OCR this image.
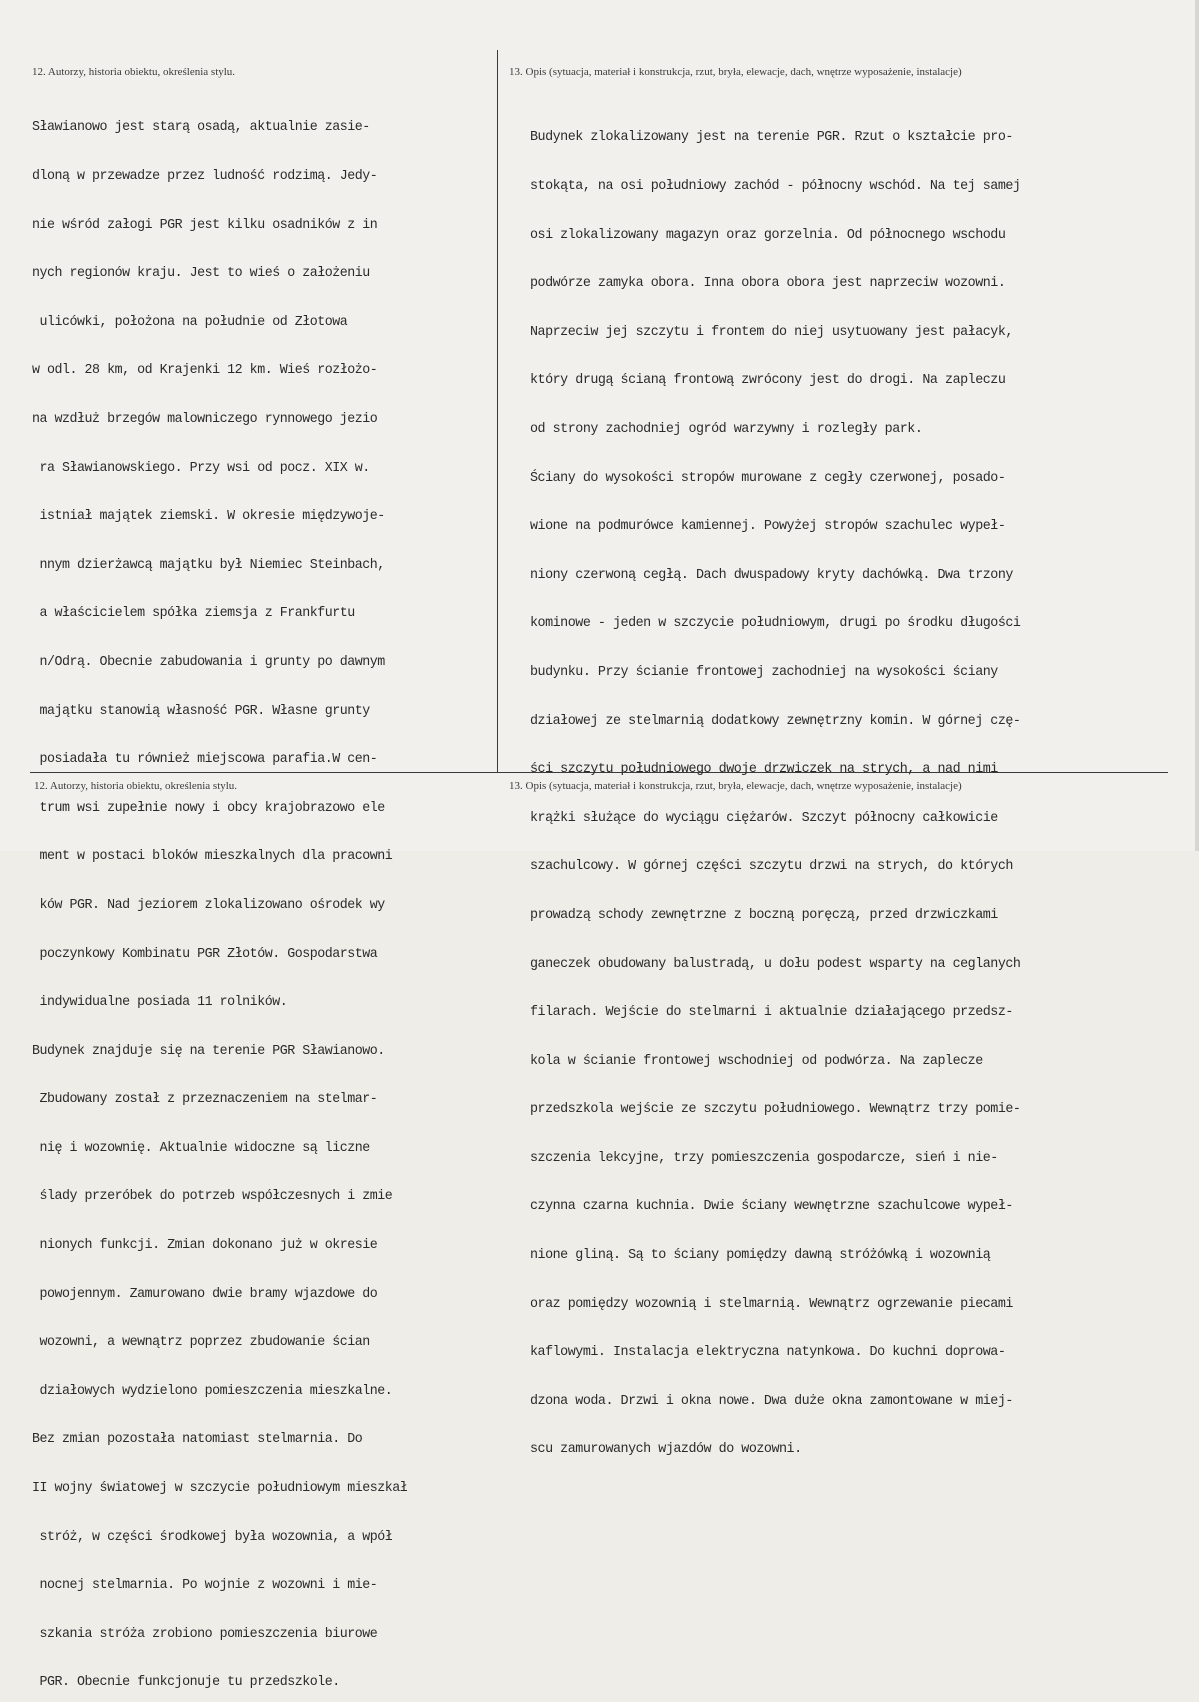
12. Autorzy, historia obiektu, określenia stylu.	13. Opis (sytuacja, materiał i konstrukcja, rzut, bryła, elewacje, dach, wnętrze wyposażenie, instalacje)

Sławianowo jest starą osadą, aktualnie zasie-

dloną w przewadze przez ludność rodzimą. Jedy-

nie wśród załogi PGR jest kilku osadników z in

nych regionów kraju. Jest to wieś o założeniu

ulicówki, położona na południe od Złotowa

w odl. 28 km, od Krajenki 12 km. Wieś rozłożo-

na wzdłuż brzegów malowniczego rynnowego jezio

ra Sławianowskiego. Przy wsi od pocz. XIX w.

istniał majątek ziemski. W okresie międzywoje-

nnym dzierżawcą majątku był Niemiec Steinbach,

a właścicielem spółka ziemsja z Frankfurtu

n/Odrą. Obecnie zabudowania i grunty po dawnym

majątku stanowią własność PGR. Własne grunty

posiadała tu również miejscowa parafia.W cen-

trum wsi zupełnie nowy i obcy krajobrazowo ele

ment w postaci bloków mieszkalnych dla pracowni

ków PGR. Nad jeziorem zlokalizowano ośrodek wy

poczynkowy Kombinatu PGR Złotów. Gospodarstwa

indywidualne posiada 11 rolników.

Budynek znajduje się na terenie PGR Sławianowo.

Zbudowany został z przeznaczeniem na stelmar-

nię i wozownię. Aktualnie widoczne są liczne

ślady przeróbek do potrzeb współczesnych i zmie

nionych funkcji. Zmian dokonano już w okresie

powojennym. Zamurowano dwie bramy wjazdowe do

wozowni, a wewnątrz poprzez zbudowanie ścian

działowych wydzielono pomieszczenia mieszkalne.

Bez zmian pozostała natomiast stelmarnia. Do

II wojny światowej w szczycie południowym mieszkał

stróż, w części środkowej była wozownia, a wpół

nocnej stelmarnia. Po wojnie z wozowni i mie-

szkania stróża zrobiono pomieszczenia biurowe

PGR. Obecnie funkcjonuje tu przedszkole.

Budynek zlokalizowany jest na terenie PGR. Rzut o kształcie pro-

stokąta, na osi południowy zachód - północny wschód. Na tej samej

osi zlokalizowany magazyn oraz gorzelnia. Od północnego wschodu

podwórze zamyka obora. Inna obora obora jest naprzeciw wozowni.

Naprzeciw jej szczytu i frontem do niej usytuowany jest pałacyk,

który drugą ścianą frontową zwrócony jest do drogi. Na zapleczu

od strony zachodniej ogród warzywny i rozległy park.

Ściany do wysokości stropów murowane z cegły czerwonej, posado-

wione na podmurówce kamiennej. Powyżej stropów szachulec wypeł-

niony czerwoną cegłą. Dach dwuspadowy kryty dachówką. Dwa trzony

kominowe - jeden w szczycie południowym, drugi po środku długości

budynku. Przy ścianie frontowej zachodniej na wysokości ściany

działowej ze stelmarnią dodatkowy zewnętrzny komin. W górnej czę-

ści szczytu południowego dwoje drzwiczek na strych, a nad nimi

krążki służące do wyciągu ciężarów. Szczyt północny całkowicie

szachulcowy. W górnej części szczytu drzwi na strych, do których

prowadzą schody zewnętrzne z boczną poręczą, przed drzwiczkami

ganeczek obudowany balustradą, u dołu podest wsparty na ceglanych

filarach. Wejście do stelmarni i aktualnie działającego przedsz-

kola w ścianie frontowej wschodniej od podwórza. Na zaplecze

przedszkola wejście ze szczytu południowego. Wewnątrz trzy pomie-

szczenia lekcyjne, trzy pomieszczenia gospodarcze, sień i nie-

czynna czarna kuchnia. Dwie ściany wewnętrzne szachulcowe wypeł-

nione gliną. Są to ściany pomiędzy dawną stróżówką i wozownią

oraz pomiędzy wozownią i stelmarnią. Wewnątrz ogrzewanie piecami

kaflowymi. Instalacja elektryczna natynkowa. Do kuchni doprowa-

dzona woda. Drzwi i okna nowe. Dwa duże okna zamontowane w miej-

scu zamurowanych wjazdów do wozowni.

12. Autorzy, historia obiektu, określenia stylu.	13. Opis (sytuacja, materiał i konstrukcja, rzut, bryła, elewacje, dach, wnętrze wyposażenie, instalacje)
